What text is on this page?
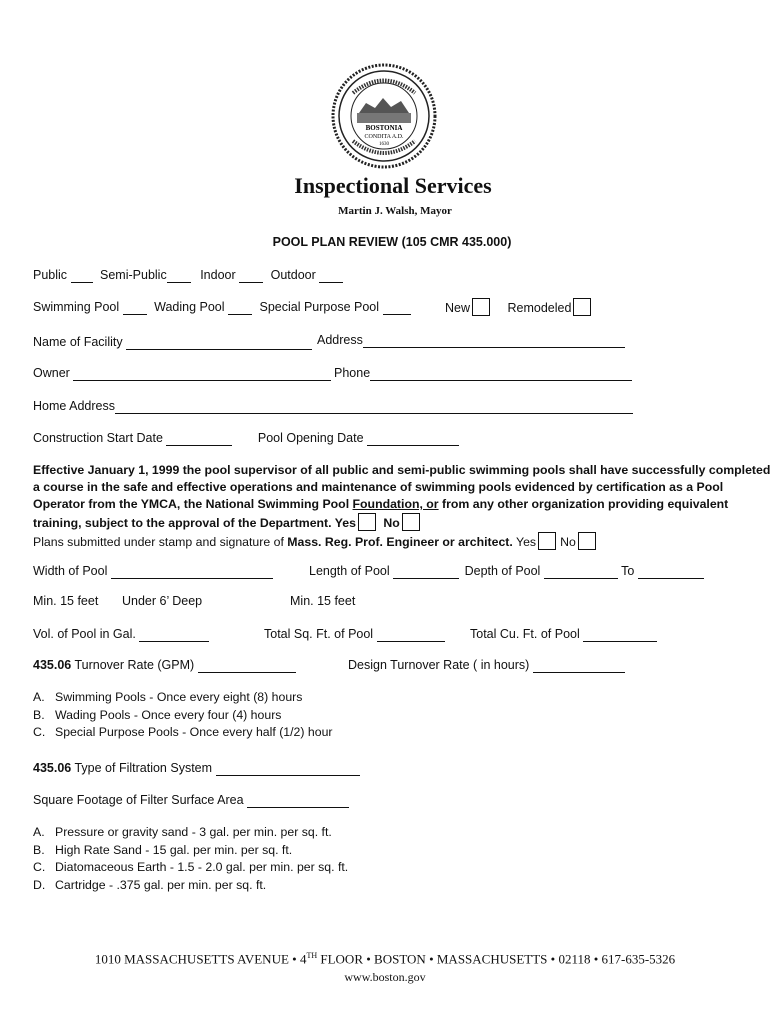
BOSTONIA
CONDITA A.D.
1630
Inspectional Services
Martin J. Walsh, Mayor
POOL PLAN REVIEW (105 CMR 435.000)
Public	Semi-Public	Indoor	Outdoor
Swimming Pool	Wading Pool	Special Purpose Pool	New	Remodeled
Name of Facility	Address
Owner	Phone
Home Address
Construction Start Date	Pool Opening Date
Effective January 1, 1999 the pool supervisor of all public and semi-public swimming pools shall have successfully completed
a course in the safe and effective operations and maintenance of swimming pools evidenced by certification as a Pool
Operator from the YMCA, the National Swimming Pool Foundation, or from any other organization providing equivalent
training, subject to the approval of the Department. Yes No
Plans submitted under stamp and signature of Mass. Reg. Prof. Engineer or architect. Yes No
Width of Pool	Length of Pool	Depth of Pool	To
Min. 15 feet Under 6’ Deep	Min. 15 feet
Vol. of Pool in Gal.	Total Sq. Ft. of Pool	Total Cu. Ft. of Pool
435.06 Turnover Rate (GPM)	Design Turnover Rate ( in hours)
A. Swimming Pools - Once every eight (8) hours
B. Wading Pools - Once every four (4) hours
C. Special Purpose Pools - Once every half (1/2) hour
435.06 Type of Filtration System
Square Footage of Filter Surface Area
A. Pressure or gravity sand - 3 gal. per min. per sq. ft.
B. High Rate Sand - 15 gal. per min. per sq. ft.
C. Diatomaceous Earth - 1.5 - 2.0 gal. per min. per sq. ft.
D. Cartridge - .375 gal. per min. per sq. ft.
1010 MASSACHUSETTS AVENUE • 4TH FLOOR • BOSTON • MASSACHUSETTS • 02118 • 617-635-5326
www.boston.gov
